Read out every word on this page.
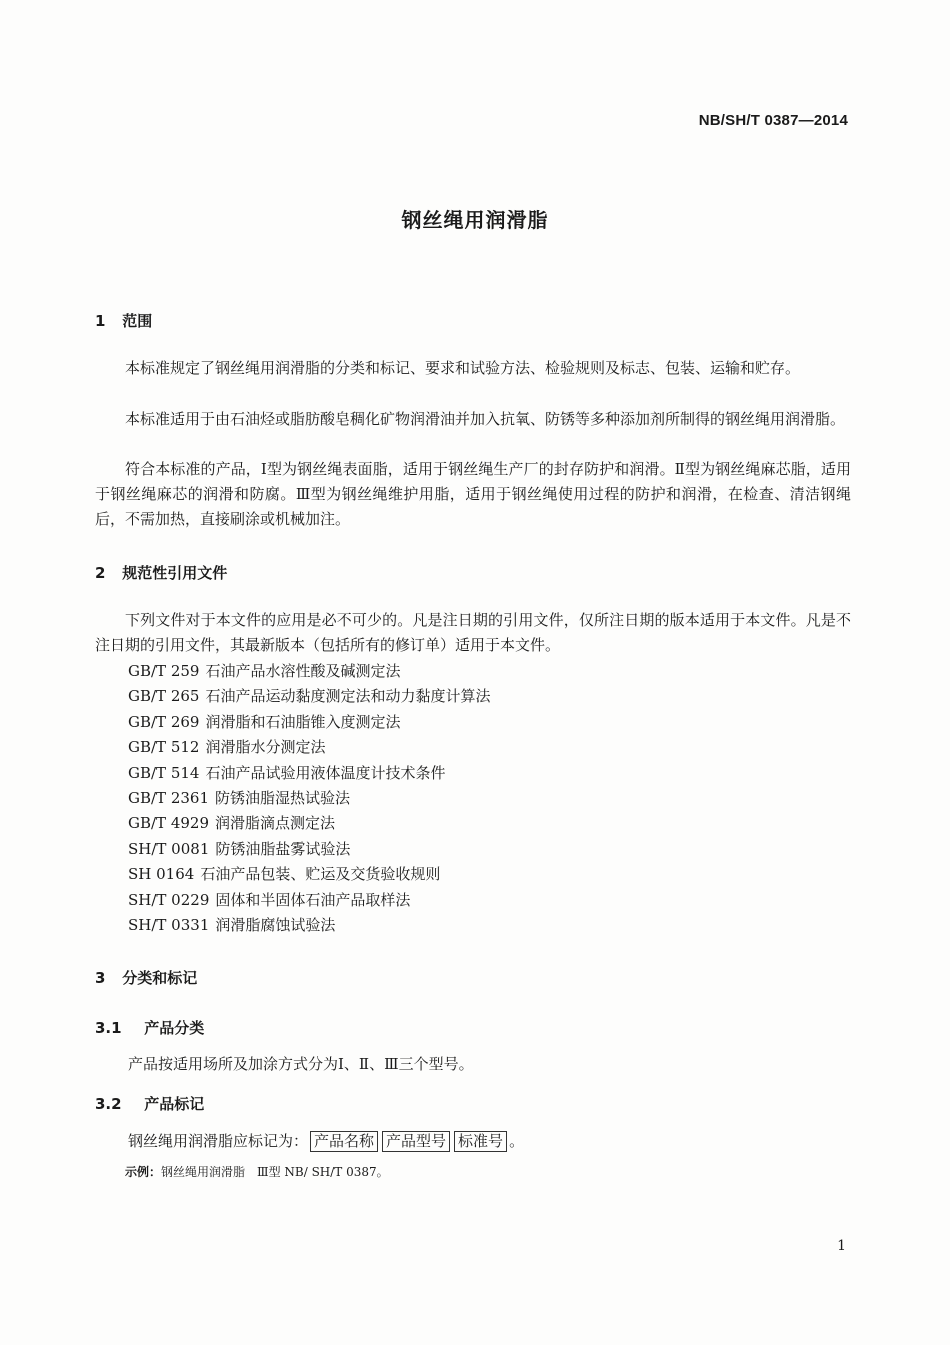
NB/SH/T 0387—2014
钢丝绳用润滑脂
1 范围

本标准规定了钢丝绳用润滑脂的分类和标记、要求和试验方法、检验规则及标志、包装、运输和贮存。

本标准适用于由石油烃或脂肪酸皂稠化矿物润滑油并加入抗氧、防锈等多种添加剂所制得的钢丝绳用润滑脂。

符合本标准的产品，Ⅰ型为钢丝绳表面脂，适用于钢丝绳生产厂的封存防护和润滑。Ⅱ型为钢丝绳麻芯脂，适用于钢丝绳麻芯的润滑和防腐。Ⅲ型为钢丝绳维护用脂，适用于钢丝绳使用过程的防护和润滑，在检查、清洁钢绳后，不需加热，直接刷涂或机械加注。

2 规范性引用文件

下列文件对于本文件的应用是必不可少的。凡是注日期的引用文件，仅所注日期的版本适用于本文件。凡是不注日期的引用文件，其最新版本（包括所有的修订单）适用于本文件。

GB/T 259 石油产品水溶性酸及碱测定法
GB/T 265 石油产品运动黏度测定法和动力黏度计算法
GB/T 269 润滑脂和石油脂锥入度测定法
GB/T 512 润滑脂水分测定法
GB/T 514 石油产品试验用液体温度计技术条件
GB/T 2361 防锈油脂湿热试验法
GB/T 4929 润滑脂滴点测定法
SH/T 0081 防锈油脂盐雾试验法
SH 0164 石油产品包装、贮运及交货验收规则
SH/T 0229 固体和半固体石油产品取样法
SH/T 0331 润滑脂腐蚀试验法
3 分类和标记
3.1 产品分类
产品按适用场所及加涂方式分为Ⅰ、Ⅱ、Ⅲ三个型号。
3.2 产品标记
钢丝绳用润滑脂应标记为： 产品名称 产品型号 标准号 。
示例：钢丝绳用润滑脂　Ⅲ型 NB/ SH/T 0387。
1
